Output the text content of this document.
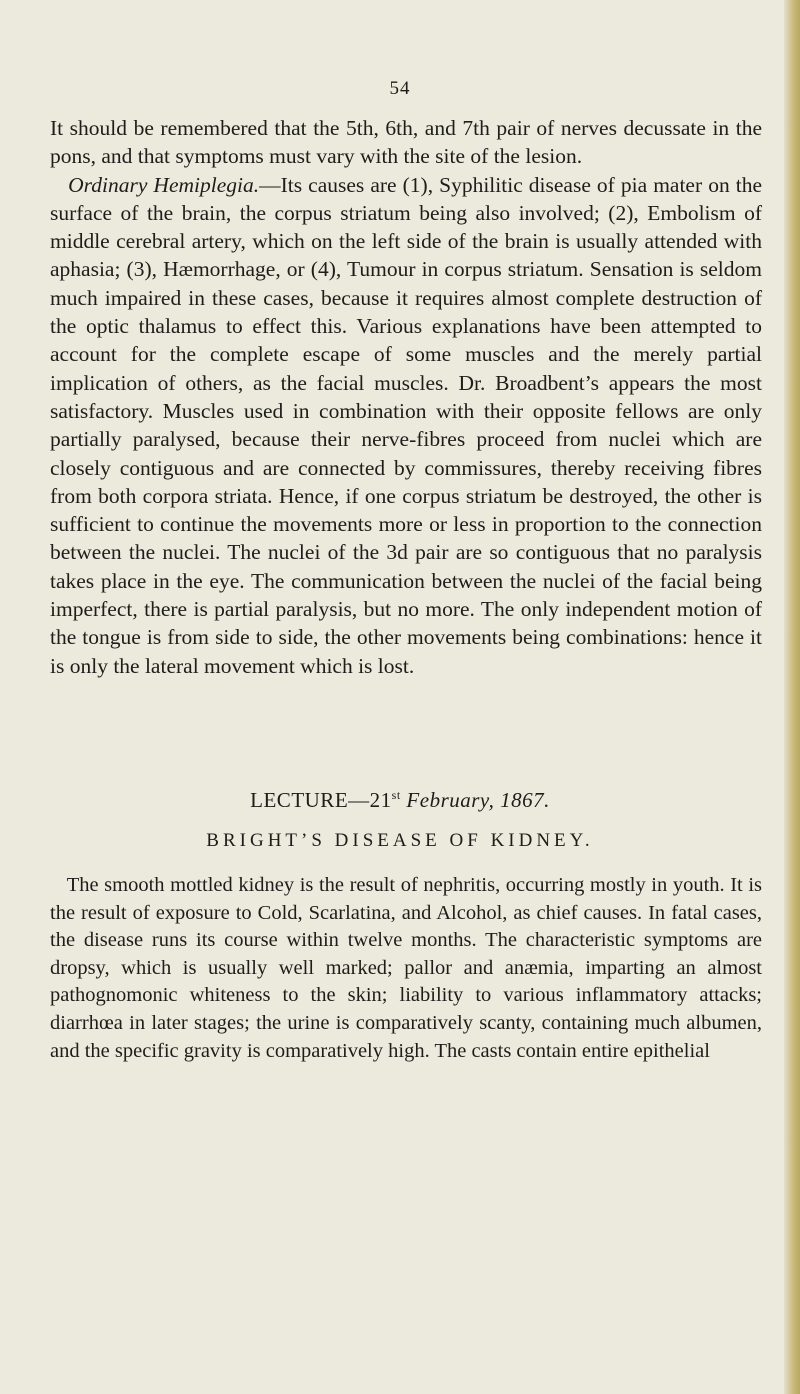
54

It should be remembered that the 5th, 6th, and 7th pair of nerves decussate in the pons, and that symptoms must vary with the site of the lesion.

Ordinary Hemiplegia.—Its causes are (1), Syphilitic disease of pia mater on the surface of the brain, the corpus striatum being also involved; (2), Embolism of middle cerebral artery, which on the left side of the brain is usually attended with aphasia; (3), Hæmorrhage, or (4), Tumour in corpus striatum. Sensation is seldom much impaired in these cases, because it requires almost complete destruction of the optic thalamus to effect this. Various explanations have been attempted to account for the complete escape of some muscles and the merely partial implication of others, as the facial muscles. Dr. Broadbent’s appears the most satisfactory. Muscles used in combination with their opposite fellows are only partially paralysed, because their nerve-fibres proceed from nuclei which are closely contiguous and are connected by commissures, thereby receiving fibres from both corpora striata. Hence, if one corpus striatum be destroyed, the other is sufficient to continue the movements more or less in proportion to the connection between the nuclei. The nuclei of the 3d pair are so contiguous that no paralysis takes place in the eye. The communication between the nuclei of the facial being imperfect, there is partial paralysis, but no more. The only independent motion of the tongue is from side to side, the other movements being combinations: hence it is only the lateral movement which is lost.

LECTURE—21st February, 1867.
BRIGHT’S DISEASE OF KIDNEY.

The smooth mottled kidney is the result of nephritis, occurring mostly in youth. It is the result of exposure to Cold, Scarlatina, and Alcohol, as chief causes. In fatal cases, the disease runs its course within twelve months. The characteristic symptoms are dropsy, which is usually well marked; pallor and anæmia, imparting an almost pathognomonic whiteness to the skin; liability to various inflammatory attacks; diarrhœa in later stages; the urine is comparatively scanty, containing much albumen, and the specific gravity is comparatively high. The casts contain entire epithelial
